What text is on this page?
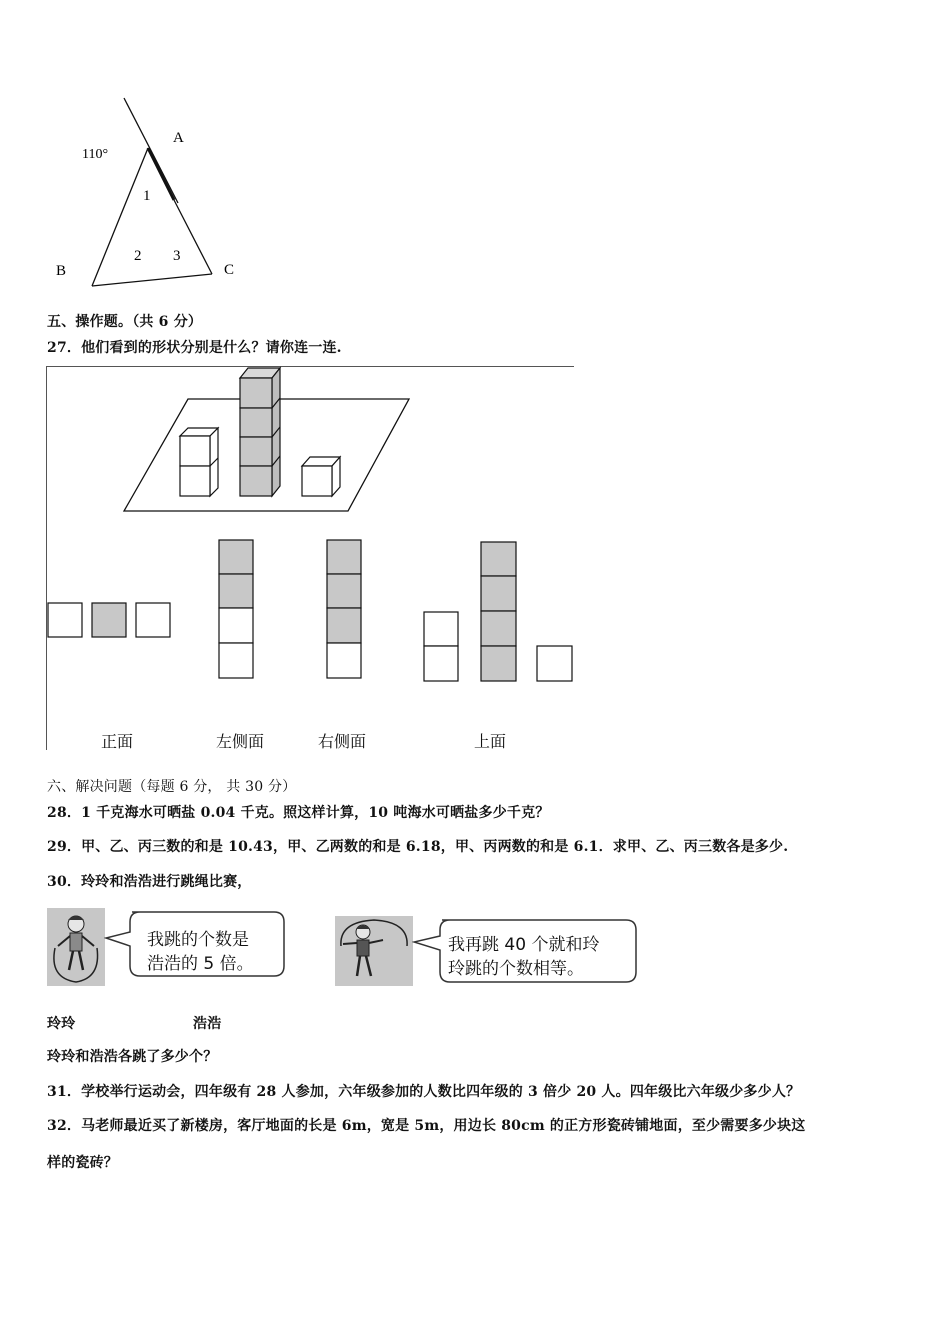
110°
A
B	C
1
2 3
五、操作题。（共 6 分）
27．他们看到的形状分别是什么？请你连一连.
正面	左侧面	右侧面	上面
六、解决问题（每题 6 分， 共 30 分）
28．1 千克海水可晒盐 0.04 千克。照这样计算，10 吨海水可晒盐多少千克？
29．甲、乙、丙三数的和是 10.43，甲、乙两数的和是 6.18，甲、丙两数的和是 6.1．求甲、乙、丙三数各是多少.
30．玲玲和浩浩进行跳绳比赛，
我跳的个数是
浩浩的 5 倍。
我再跳 40 个就和玲
玲跳的个数相等。
玲玲	浩浩
玲玲和浩浩各跳了多少个？
31．学校举行运动会，四年级有 28 人参加，六年级参加的人数比四年级的 3 倍少 20 人。四年级比六年级少多少人？
32．马老师最近买了新楼房，客厅地面的长是 6m，宽是 5m，用边长 80cm 的正方形瓷砖铺地面，至少需要多少块这
样的瓷砖？
